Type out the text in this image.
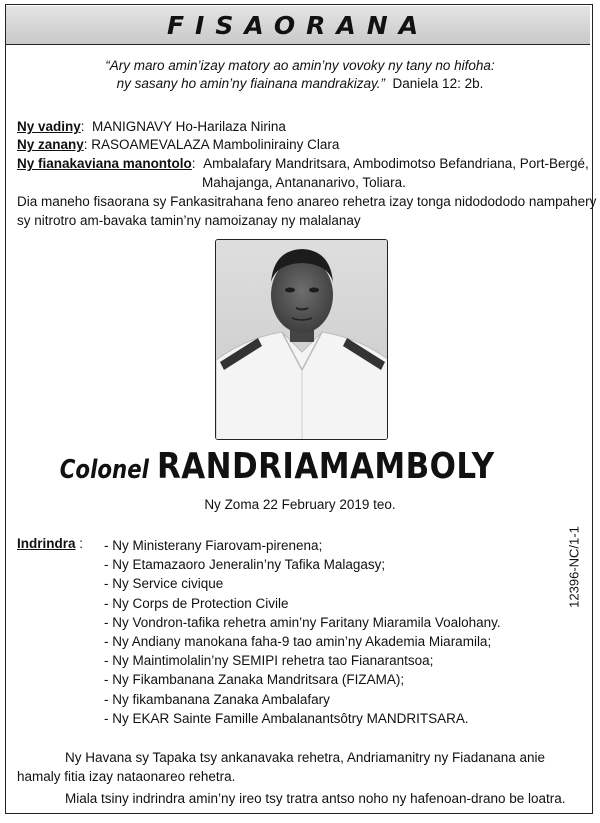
FISAORANA
“Ary maro amin’izay matory ao amin’ny vovoky ny tany no hifoha:
ny sasany ho amin’ny fiainana mandrakizay.” Daniela 12: 2b.
Ny vadiny:  MANIGNAVY Ho-Harilaza Nirina
Ny zanany: RASOAMEVALAZA Mambolinirainy Clara
Ny fianakaviana manontolo:  Ambalafary Mandritsara, Ambodimotso Befandriana, Port-Bergé,
Mahajanga, Antananarivo, Toliara.
Dia maneho fisaorana sy Fankasitrahana feno anareo rehetra izay tonga nidodododo nampahery
sy nitrotro am-bavaka tamin’ny namoizanay ny malalanay
Colonel RANDRIAMAMBOLY
Ny Zoma 22 February 2019 teo.
12396-NC/1-1
Indrindra : - Ny Ministerany Fiarovam-pirenena;
- Ny Etamazaoro Jeneralin’ny Tafika Malagasy;
- Ny Service civique
- Ny Corps de Protection Civile
- Ny Vondron-tafika rehetra amin’ny Faritany Miaramila Voalohany.
- Ny Andiany manokana faha-9 tao amin’ny Akademia Miaramila;
- Ny Maintimolalin’ny SEMIPI rehetra tao Fianarantsoa;
- Ny Fikambanana Zanaka Mandritsara (FIZAMA);
- Ny fikambanana Zanaka Ambalafary
- Ny EKAR Sainte Famille Ambalanantsôtry MANDRITSARA.
Ny Havana sy Tapaka tsy ankanavaka rehetra, Andriamanitry ny Fiadanana anie hamaly fitia izay nataonareo rehetra.
Miala tsiny indrindra amin’ny ireo tsy tratra antso noho ny hafenoan-drano be loatra.
